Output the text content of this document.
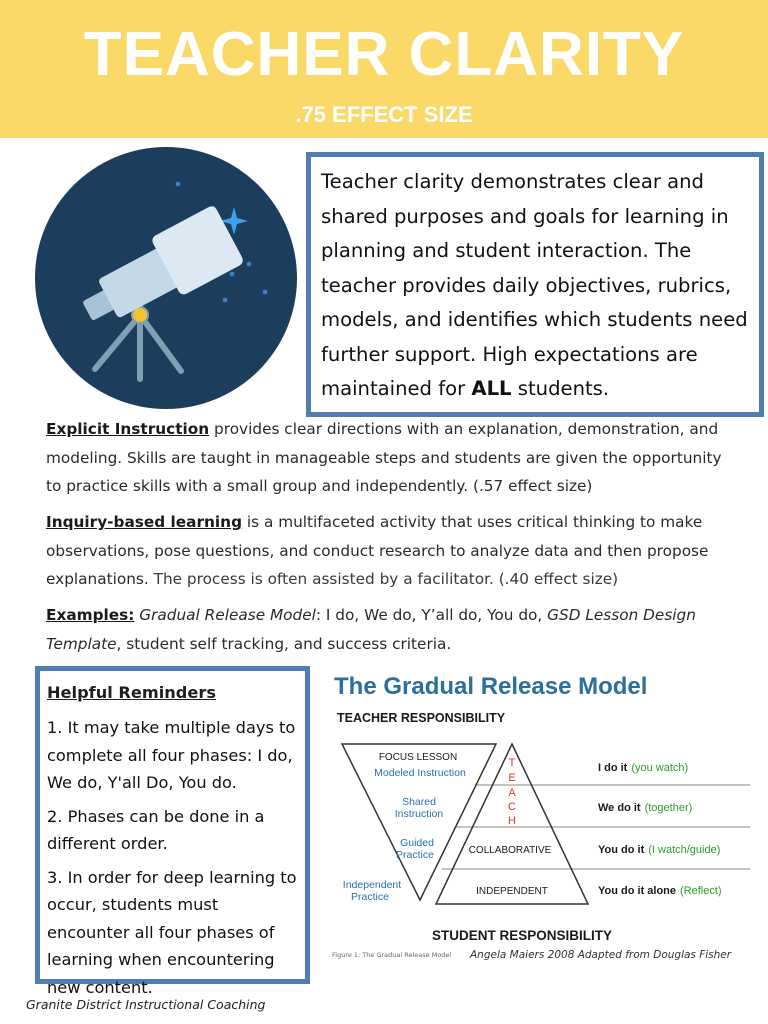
TEACHER CLARITY
.75 EFFECT SIZE

Teacher clarity demonstrates clear and shared purposes and goals for learning in planning and student interaction. The teacher provides daily objectives, rubrics, models, and identifies which students need further support. High expectations are maintained for ALL students.

Explicit Instruction provides clear directions with an explanation, demonstration, and modeling. Skills are taught in manageable steps and students are given the opportunity to practice skills with a small group and independently. (.57 effect size)

Inquiry-based learning is a multifaceted activity that uses critical thinking to make observations, pose questions, and conduct research to analyze data and then propose explanations. The process is often assisted by a facilitator. (.40 effect size)

Examples: Gradual Release Model: I do, We do, Y’all do, You do, GSD Lesson Design Template, student self tracking, and success criteria.

Helpful Reminders

1. It may take multiple days to complete all four phases: I do, We do, Y'all Do, You do.

2. Phases can be done in a different order.

3. In order for deep learning to occur, students must encounter all four phases of learning when encountering new content.

The Gradual Release Model

TEACHER RESPONSIBILITY

FOCUS LESSON
Modeled Instruction
Shared
Instruction
Guided
Practice
Independent
Practice
COLLABORATIVE
INDEPENDENT
T
E
A
C
H
I do it (you watch)
We do it (together)
You do it (I watch/guide)
You do it alone (Reflect)

STUDENT RESPONSIBILITY

Figure 1: The Gradual Release Model Angela Maiers 2008 Adapted from Douglas Fisher

Granite District Instructional Coaching
